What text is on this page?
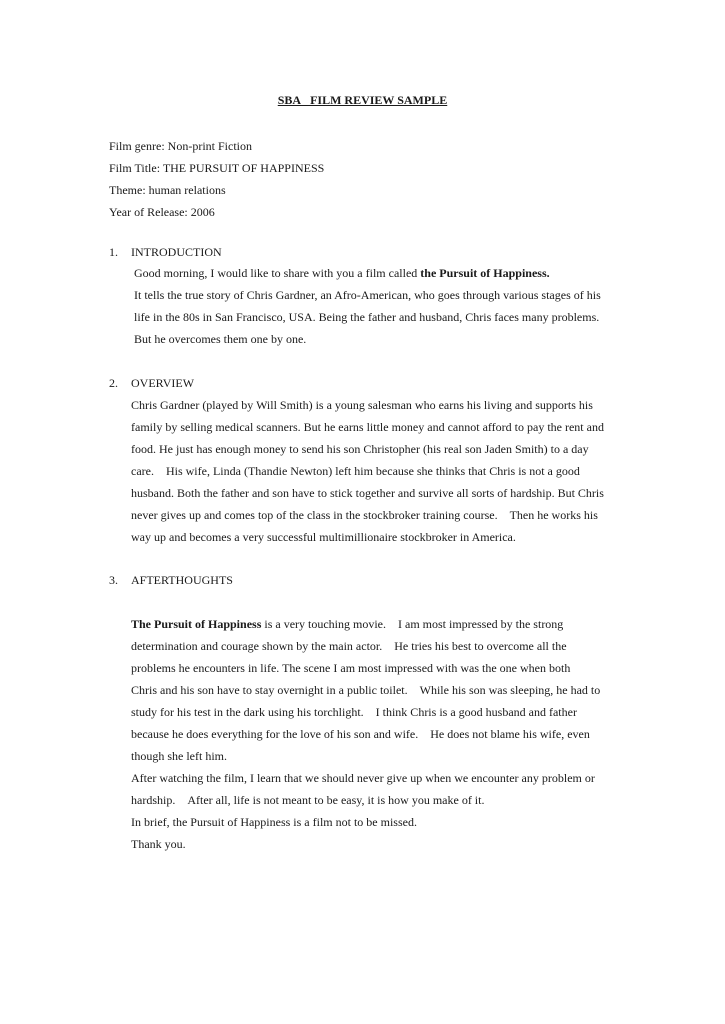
SBA   FILM REVIEW SAMPLE
Film genre: Non-print Fiction
Film Title: THE PURSUIT OF HAPPINESS
Theme: human relations
Year of Release: 2006
1. INTRODUCTION
Good morning, I would like to share with you a film called the Pursuit of Happiness.
It tells the true story of Chris Gardner, an Afro-American, who goes through various stages of his
life in the 80s in San Francisco, USA. Being the father and husband, Chris faces many problems.
But he overcomes them one by one.
2. OVERVIEW
Chris Gardner (played by Will Smith) is a young salesman who earns his living and supports his
family by selling medical scanners. But he earns little money and cannot afford to pay the rent and
food. He just has enough money to send his son Christopher (his real son Jaden Smith) to a day
care.    His wife, Linda (Thandie Newton) left him because she thinks that Chris is not a good
husband. Both the father and son have to stick together and survive all sorts of hardship. But Chris
never gives up and comes top of the class in the stockbroker training course.    Then he works his
way up and becomes a very successful multimillionaire stockbroker in America.
3. AFTERTHOUGHTS
The Pursuit of Happiness is a very touching movie.    I am most impressed by the strong
determination and courage shown by the main actor.    He tries his best to overcome all the
problems he encounters in life. The scene I am most impressed with was the one when both
Chris and his son have to stay overnight in a public toilet.    While his son was sleeping, he had to
study for his test in the dark using his torchlight.    I think Chris is a good husband and father
because he does everything for the love of his son and wife.    He does not blame his wife, even
though she left him.
After watching the film, I learn that we should never give up when we encounter any problem or
hardship.    After all, life is not meant to be easy, it is how you make of it.
In brief, the Pursuit of Happiness is a film not to be missed.
Thank you.
